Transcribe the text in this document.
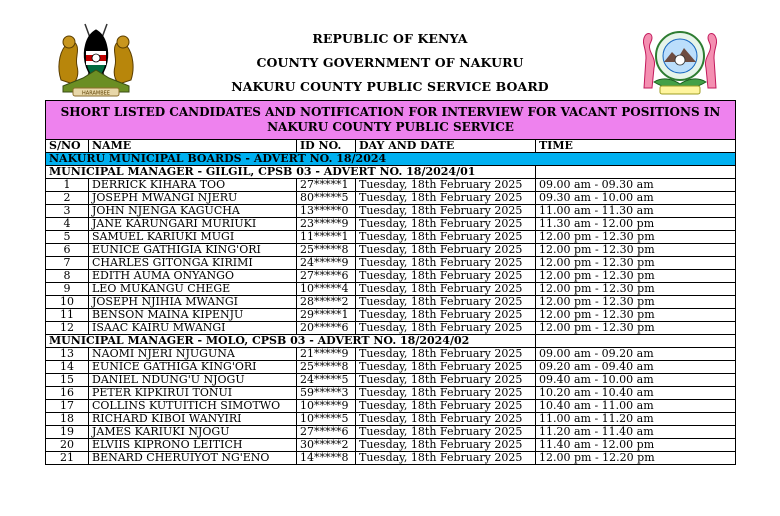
HARAMBEE
REPUBLIC OF KENYA
COUNTY GOVERNMENT OF NAKURU
NAKURU COUNTY PUBLIC SERVICE BOARD
SHORT LISTED CANDIDATES AND NOTIFICATION FOR INTERVIEW FOR VACANT POSITIONS IN NAKURU COUNTY PUBLIC SERVICE				
S/NO	NAME	ID NO.	DAY AND DATE	TIME
NAKURU MUNICIPAL BOARDS - ADVERT NO. 18/2024				
MUNICIPAL MANAGER - GILGIL, CPSB 03 - ADVERT NO. 18/2024/01				
1	DERRICK KIHARA TOO	27*****1	Tuesday, 18th February 2025	09.00 am - 09.30 am
2	JOSEPH MWANGI NJERU	80*****5	Tuesday, 18th February 2025	09.30 am - 10.00 am
3	JOHN NJENGA KAGUCHA	13*****0	Tuesday, 18th February 2025	11.00 am - 11.30 am
4	JANE KARUNGARI MURIUKI	23*****9	Tuesday, 18th February 2025	11.30 am - 12.00 pm
5	SAMUEL KARIUKI MUGI	11*****1	Tuesday, 18th February 2025	12.00 pm - 12.30 pm
6	EUNICE GATHIGIA KING'ORI	25*****8	Tuesday, 18th February 2025	12.00 pm - 12.30 pm
7	CHARLES GITONGA KIRIMI	24*****9	Tuesday, 18th February 2025	12.00 pm - 12.30 pm
8	EDITH AUMA ONYANGO	27*****6	Tuesday, 18th February 2025	12.00 pm - 12.30 pm
9	LEO MUKANGU CHEGE	10*****4	Tuesday, 18th February 2025	12.00 pm - 12.30 pm
10	JOSEPH NJIHIA MWANGI	28*****2	Tuesday, 18th February 2025	12.00 pm - 12.30 pm
11	BENSON MAINA KIPENJU	29*****1	Tuesday, 18th February 2025	12.00 pm - 12.30 pm
12	ISAAC KAIRU MWANGI	20*****6	Tuesday, 18th February 2025	12.00 pm - 12.30 pm
MUNICIPAL MANAGER - MOLO, CPSB 03 - ADVERT NO. 18/2024/02				
13	NAOMI NJERI NJUGUNA	21*****9	Tuesday, 18th February 2025	09.00 am - 09.20 am
14	EUNICE GATHIGA KING'ORI	25*****8	Tuesday, 18th February 2025	09.20 am - 09.40 am
15	DANIEL NDUNG'U NJOGU	24*****5	Tuesday, 18th February 2025	09.40 am - 10.00 am
16	PETER KIPKIRUI TONUI	59*****3	Tuesday, 18th February 2025	10.20 am - 10.40 am
17	COLLINS KUTUITICH SIMOTWO	10*****9	Tuesday, 18th February 2025	10.40 am - 11.00 am
18	RICHARD KIBOI WANYIRI	10*****5	Tuesday, 18th February 2025	11.00 am - 11.20 am
19	JAMES KARIUKI NJOGU	27*****6	Tuesday, 18th February 2025	11.20 am - 11.40 am
20	ELVIIS KIPRONO LEITICH	30*****2	Tuesday, 18th February 2025	11.40 am - 12.00 pm
21	BENARD CHERUIYOT NG'ENO	14*****8	Tuesday, 18th February 2025	12.00 pm - 12.20 pm
